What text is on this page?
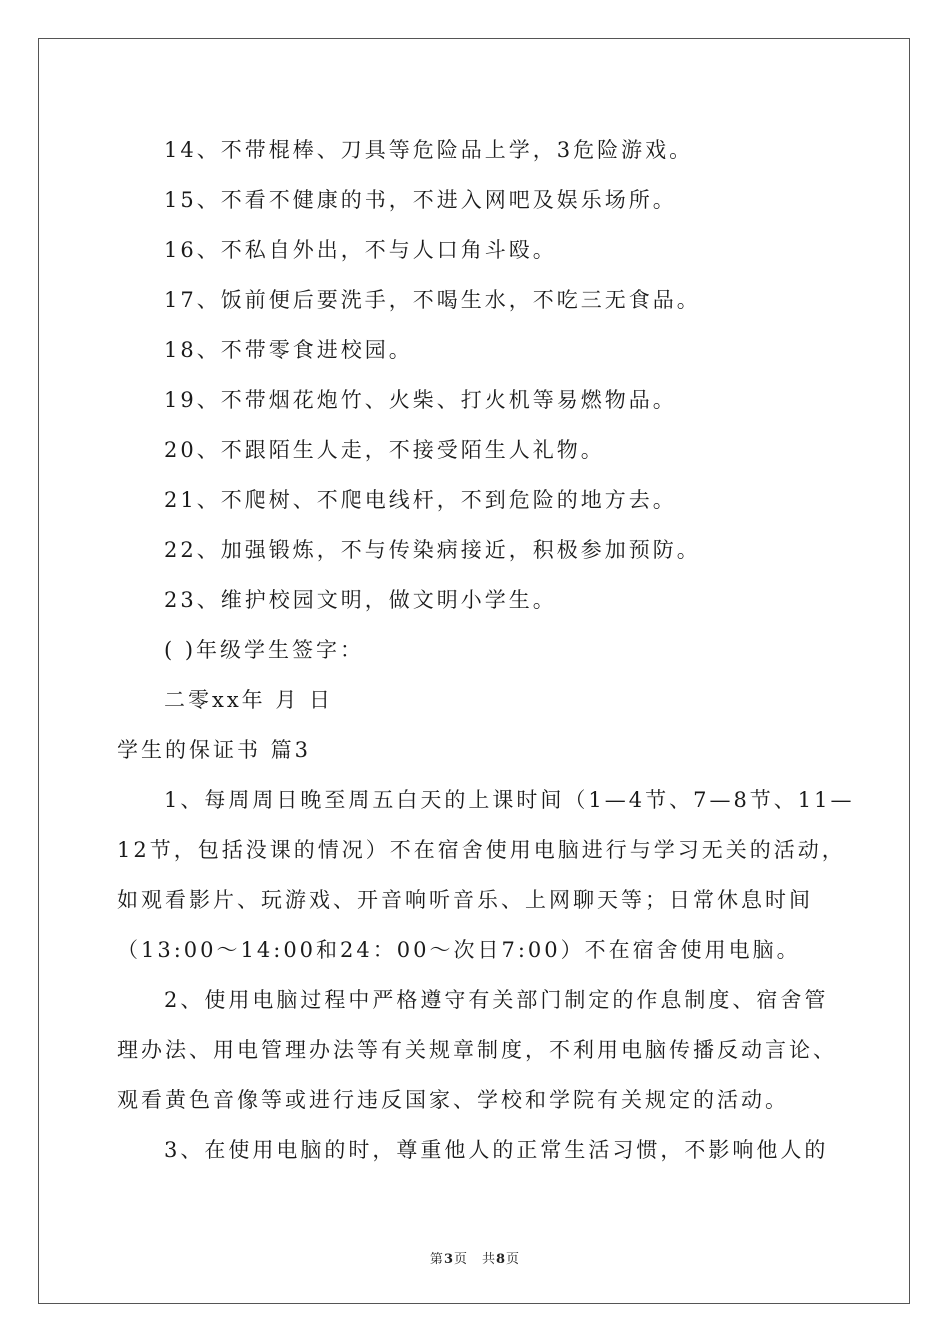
14、不带棍棒、刀具等危险品上学，3危险游戏。
15、不看不健康的书，不进入网吧及娱乐场所。
16、不私自外出，不与人口角斗殴。
17、饭前便后要洗手，不喝生水，不吃三无食品。
18、不带零食进校园。
19、不带烟花炮竹、火柴、打火机等易燃物品。
20、不跟陌生人走，不接受陌生人礼物。
21、不爬树、不爬电线杆，不到危险的地方去。
22、加强锻炼，不与传染病接近，积极参加预防。
23、维护校园文明，做文明小学生。
( )年级学生签字：
二零xx年 月 日
学生的保证书 篇3
1、每周周日晚至周五白天的上课时间（1—4节、7—8节、11—
12节，包括没课的情况）不在宿舍使用电脑进行与学习无关的活动，
如观看影片、玩游戏、开音响听音乐、上网聊天等；日常休息时间
（13:00～14:00和24：00～次日7:00）不在宿舍使用电脑。
2、使用电脑过程中严格遵守有关部门制定的作息制度、宿舍管
理办法、用电管理办法等有关规章制度，不利用电脑传播反动言论、
观看黄色音像等或进行违反国家、学校和学院有关规定的活动。
3、在使用电脑的时，尊重他人的正常生活习惯，不影响他人的
第3页　共8页
